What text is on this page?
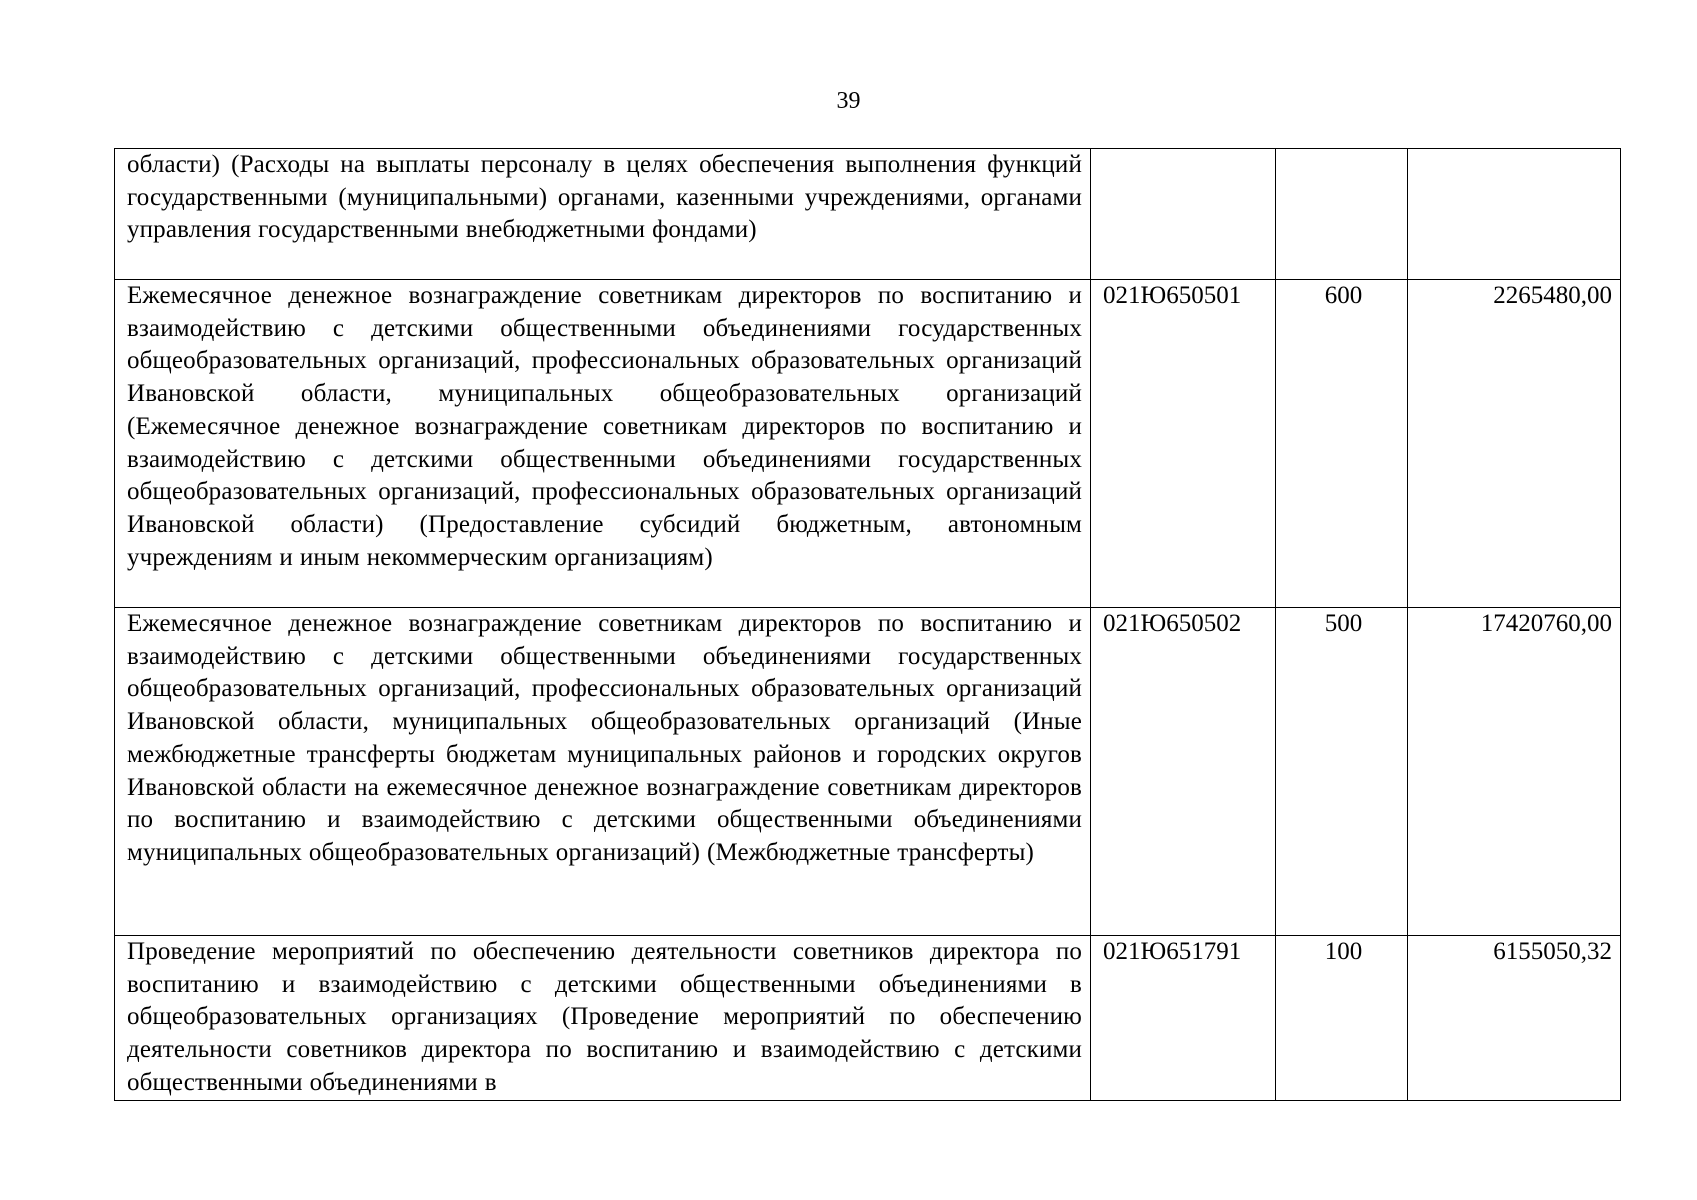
39
области) (Расходы на выплаты персоналу в целях обеспечения выполнения функций государственными (муниципальными) органами, казенными учреждениями, органами управления государственными внебюджетными фондами)			
Ежемесячное денежное вознаграждение советникам директоров по воспитанию и взаимодействию с детскими общественными объединениями государственных общеобразовательных организаций, профессиональных образовательных организаций Ивановской области, муниципальных общеобразовательных организаций (Ежемесячное денежное вознаграждение советникам директоров по воспитанию и взаимодействию с детскими общественными объединениями государственных общеобразовательных организаций, профессиональных образовательных организаций Ивановской области) (Предоставление субсидий бюджетным, автономным учреждениям и иным некоммерческим организациям)	021Ю650501	600	2265480,00
Ежемесячное денежное вознаграждение советникам директоров по воспитанию и взаимодействию с детскими общественными объединениями государственных общеобразовательных организаций, профессиональных образовательных организаций Ивановской области, муниципальных общеобразовательных организаций (Иные межбюджетные трансферты бюджетам муниципальных районов и городских округов Ивановской области на ежемесячное денежное вознаграждение советникам директоров по воспитанию и взаимодействию с детскими общественными объединениями муниципальных общеобразовательных организаций) (Межбюджетные трансферты)	021Ю650502	500	17420760,00
Проведение мероприятий по обеспечению деятельности советников директора по воспитанию и взаимодействию с детскими общественными объединениями в общеобразовательных организациях (Проведение мероприятий по обеспечению деятельности советников директора по воспитанию и взаимодействию с детскими общественными объединениями в	021Ю651791	100	6155050,32
